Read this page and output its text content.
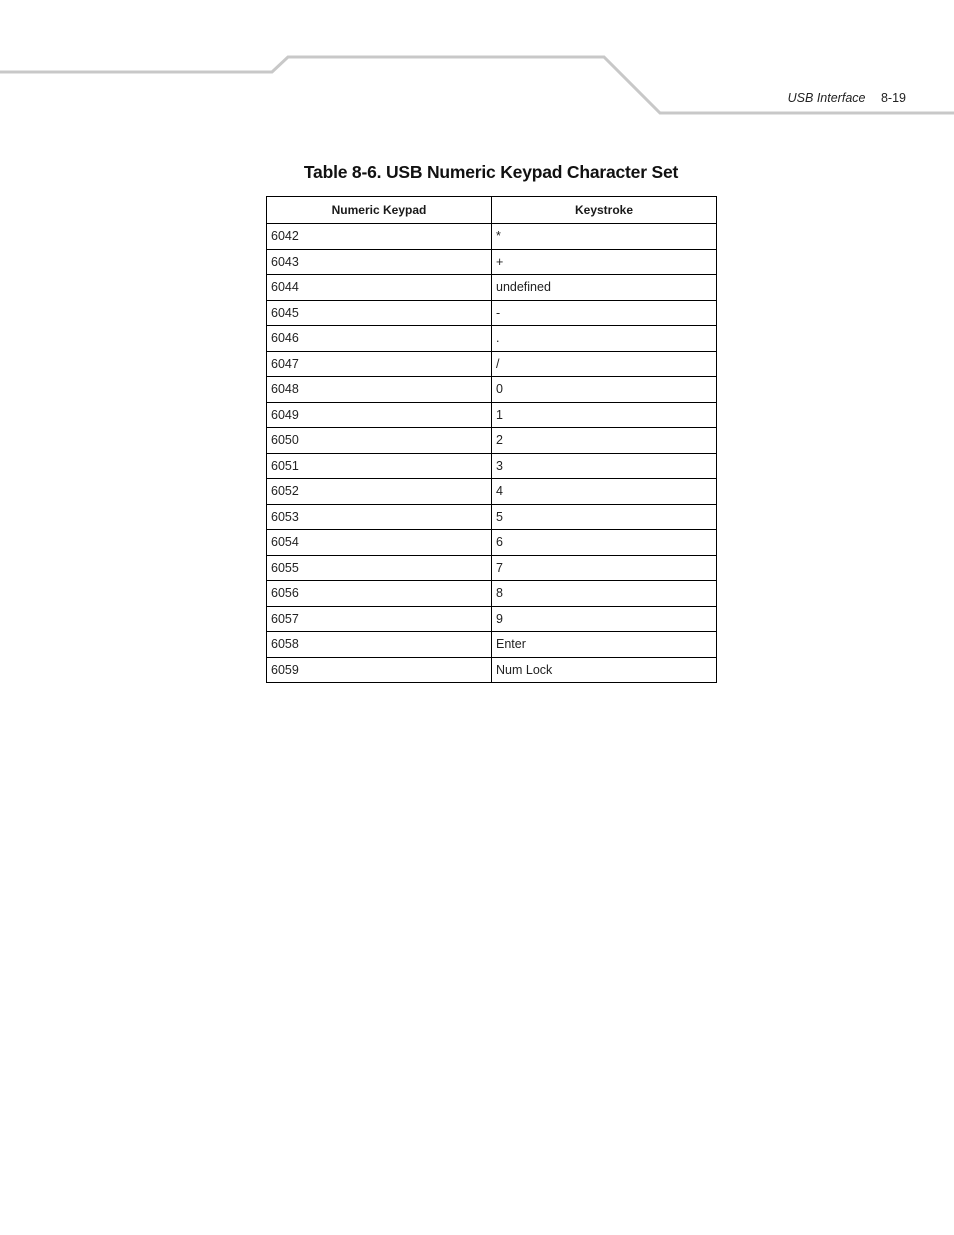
USB Interface 8-19
Table 8-6. USB Numeric Keypad Character Set
Numeric Keypad	Keystroke
6042	*
6043	+
6044	undefined
6045	-
6046	.
6047	/
6048	0
6049	1
6050	2
6051	3
6052	4
6053	5
6054	6
6055	7
6056	8
6057	9
6058	Enter
6059	Num Lock
